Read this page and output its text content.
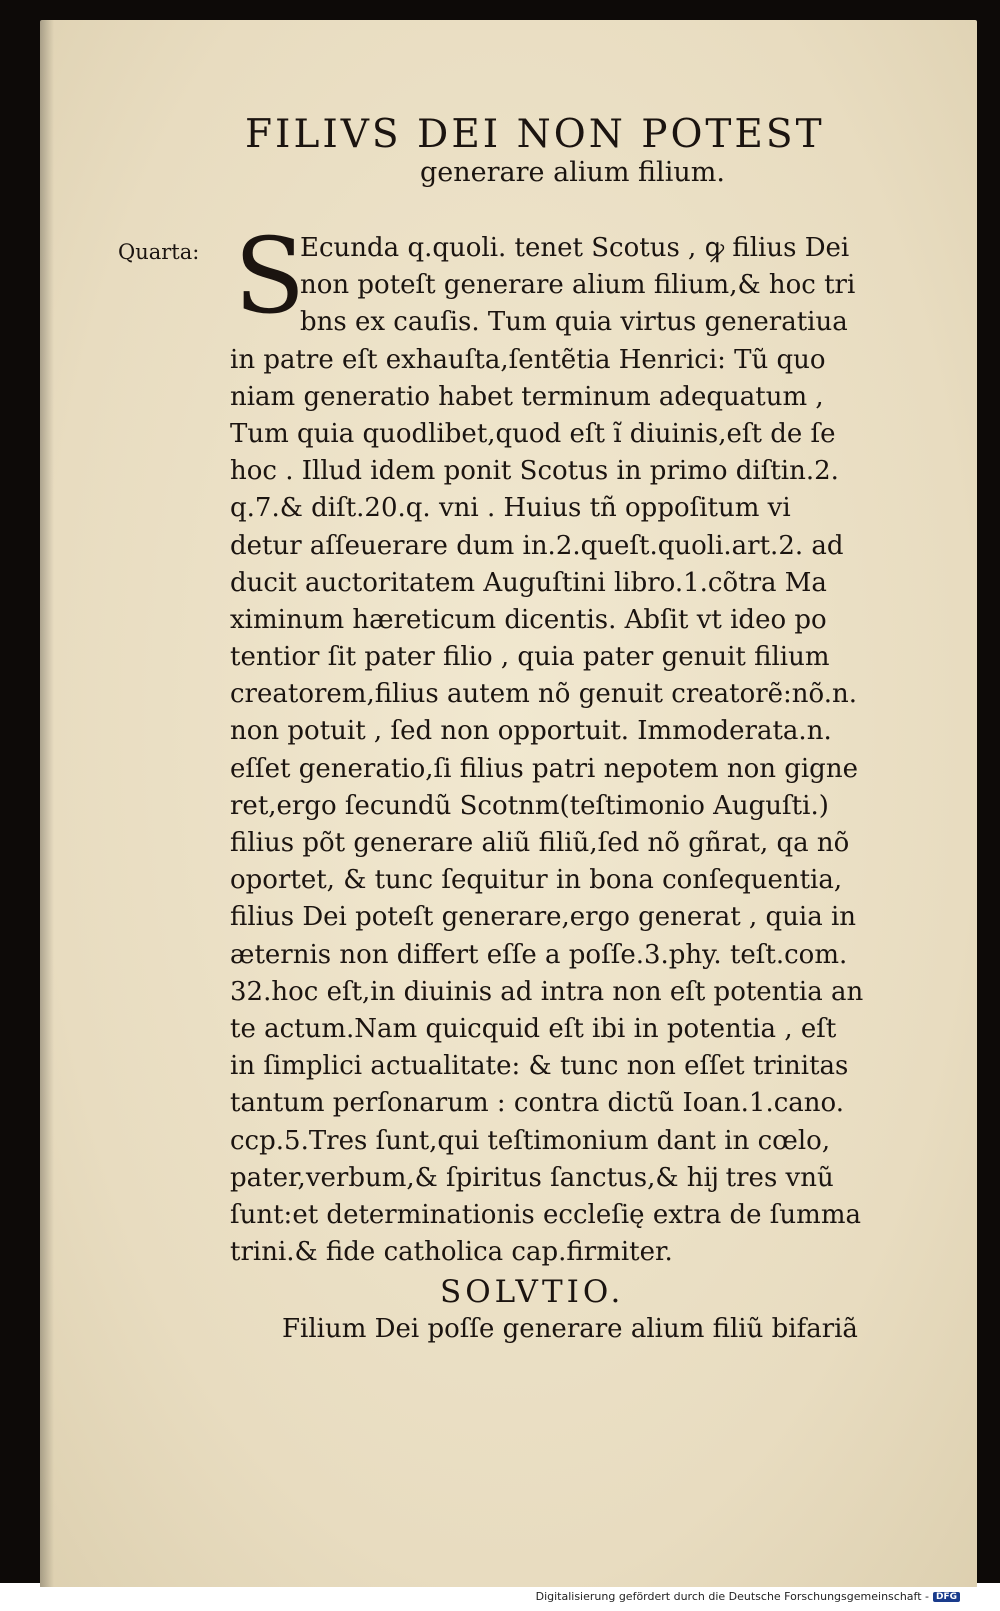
FILIVS DEI NON POTEST
generare alium filium.
Quarta: S
Ecunda q.quoli. tenet Scotus , ꝙ filius Dei
non poteſt generare alium filium,& hoc tri
bns ex cauſis. Tum quia virtus generatiua
in patre eſt exhauſta,ſentẽtia Henrici: Tũ quo
niam generatio habet terminum adequatum ,
Tum quia quodlibet,quod eſt ĩ diuinis,eſt de ſe
hoc . Illud idem ponit Scotus in primo diſtin.2.
q.7.& diſt.20.q. vni . Huius tñ oppoſitum vi
detur aſſeuerare dum in.2.queſt.quoli.art.2. ad
ducit auctoritatem Auguſtini libro.1.cõtra Ma
ximinum hæreticum dicentis. Abſit vt ideo po
tentior ſit pater filio , quia pater genuit filium
creatorem,filius autem nõ genuit creatorẽ:nõ.n.
non potuit , ſed non opportuit. Immoderata.n.
eſſet generatio,ſi filius patri nepotem non gigne
ret,ergo ſecundũ Scotnm(teſtimonio Auguſti.)
filius põt generare aliũ filiũ,ſed nõ gñrat, qa nõ
oportet, & tunc ſequitur in bona conſequentia,
filius Dei poteſt generare,ergo generat , quia in
æternis non differt eſſe a poſſe.3.phy. teſt.com.
32.hoc eſt,in diuinis ad intra non eſt potentia an
te actum.Nam quicquid eſt ibi in potentia , eſt
in ſimplici actualitate: & tunc non eſſet trinitas
tantum perſonarum : contra dictũ Ioan.1.cano.
ccp.5.Tres ſunt,qui teſtimonium dant in cœlo,
pater,verbum,& ſpiritus ſanctus,& hĳ tres vnũ
ſunt:et determinationis eccleſię extra de ſumma
trini.& fide catholica cap.firmiter.
SOLVTIO.
Filium Dei poſſe generare alium filiũ bifariã
Digitalisierung gefördert durch die Deutsche Forschungsgemeinschaft - DFG
